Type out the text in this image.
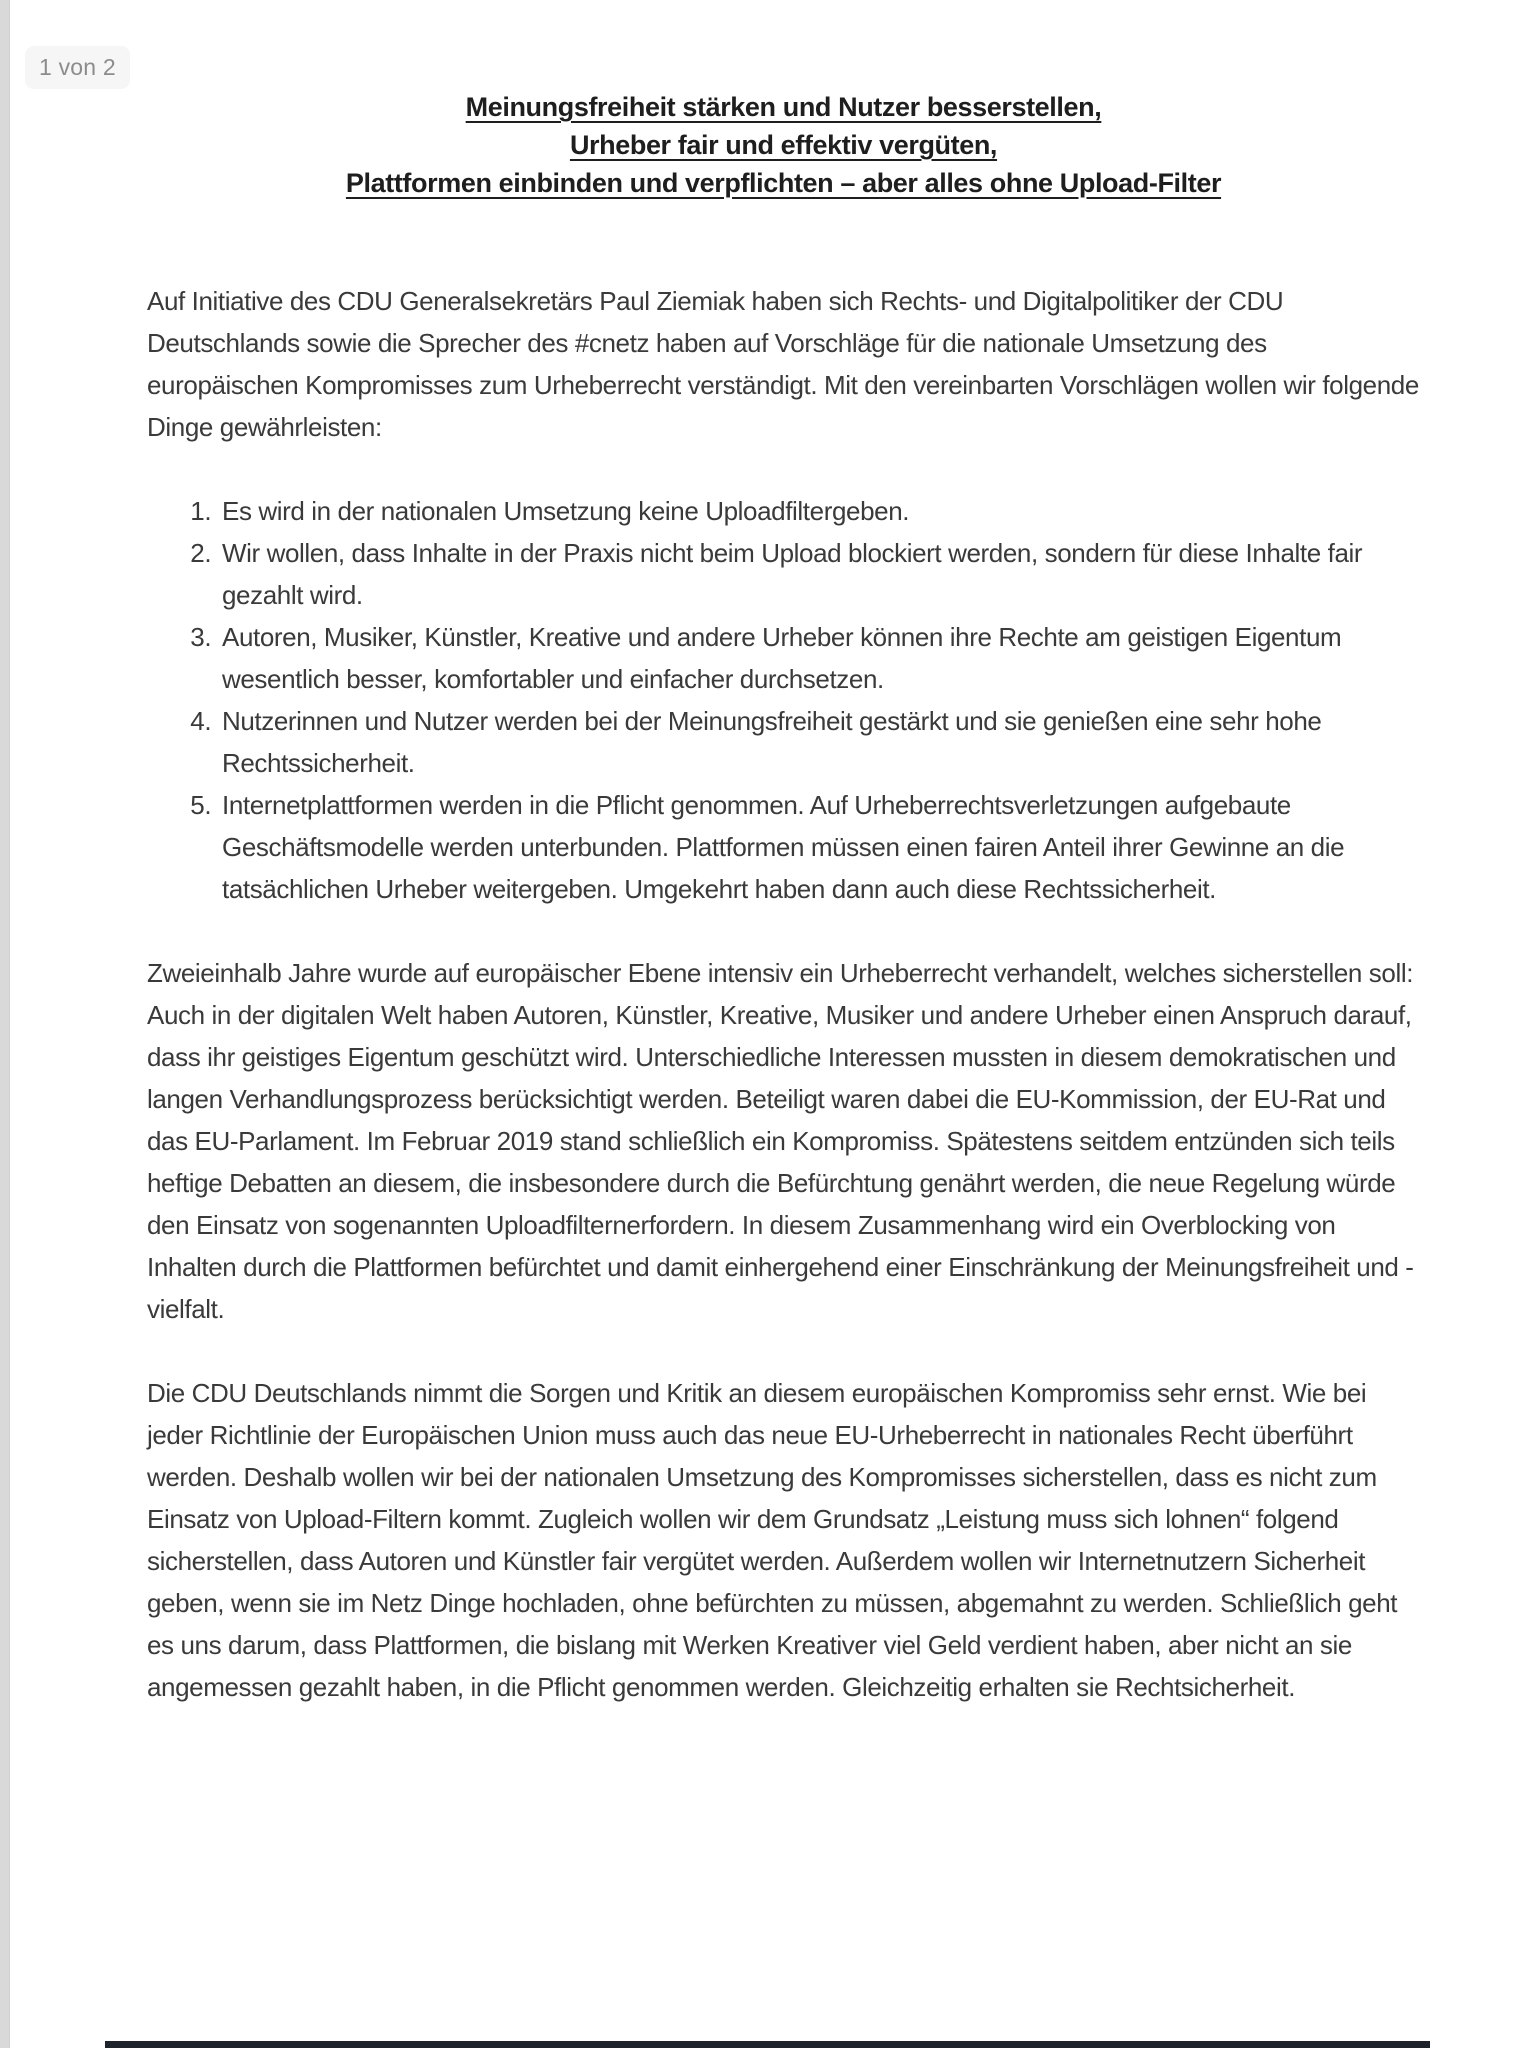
1 von 2
Meinungsfreiheit stärken und Nutzer besserstellen,
Urheber fair und effektiv vergüten,
Plattformen einbinden und verpflichten – aber alles ohne Upload-Filter

Auf Initiative des CDU Generalsekretärs Paul Ziemiak haben sich Rechts- und Digitalpolitiker der CDU Deutschlands sowie die Sprecher des #cnetz haben auf Vorschläge für die nationale Umsetzung des europäischen Kompromisses zum Urheberrecht verständigt. Mit den vereinbarten Vorschlägen wollen wir folgende Dinge gewährleisten:

1. Es wird in der nationalen Umsetzung keine Uploadfiltergeben.
2. Wir wollen, dass Inhalte in der Praxis nicht beim Upload blockiert werden, sondern für diese Inhalte fair gezahlt wird.
3. Autoren, Musiker, Künstler, Kreative und andere Urheber können ihre Rechte am geistigen Eigentum wesentlich besser, komfortabler und einfacher durchsetzen.
4. Nutzerinnen und Nutzer werden bei der Meinungsfreiheit gestärkt und sie genießen eine sehr hohe Rechtssicherheit.
5. Internetplattformen werden in die Pflicht genommen. Auf Urheberrechtsverletzungen aufgebaute Geschäftsmodelle werden unterbunden. Plattformen müssen einen fairen Anteil ihrer Gewinne an die tatsächlichen Urheber weitergeben. Umgekehrt haben dann auch diese Rechtssicherheit.

Zweieinhalb Jahre wurde auf europäischer Ebene intensiv ein Urheberrecht verhandelt, welches sicherstellen soll: Auch in der digitalen Welt haben Autoren, Künstler, Kreative, Musiker und andere Urheber einen Anspruch darauf, dass ihr geistiges Eigentum geschützt wird. Unterschiedliche Interessen mussten in diesem demokratischen und langen Verhandlungsprozess berücksichtigt werden. Beteiligt waren dabei die EU-Kommission, der EU-Rat und das EU-Parlament. Im Februar 2019 stand schließlich ein Kompromiss. Spätestens seitdem entzünden sich teils heftige Debatten an diesem, die insbesondere durch die Befürchtung genährt werden, die neue Regelung würde den Einsatz von sogenannten Uploadfilternerfordern. In diesem Zusammenhang wird ein Overblocking von Inhalten durch die Plattformen befürchtet und damit einhergehend einer Einschränkung der Meinungsfreiheit und -vielfalt.

Die CDU Deutschlands nimmt die Sorgen und Kritik an diesem europäischen Kompromiss sehr ernst. Wie bei jeder Richtlinie der Europäischen Union muss auch das neue EU-Urheberrecht in nationales Recht überführt werden. Deshalb wollen wir bei der nationalen Umsetzung des Kompromisses sicherstellen, dass es nicht zum Einsatz von Upload-Filtern kommt. Zugleich wollen wir dem Grundsatz „Leistung muss sich lohnen“ folgend sicherstellen, dass Autoren und Künstler fair vergütet werden. Außerdem wollen wir Internetnutzern Sicherheit geben, wenn sie im Netz Dinge hochladen, ohne befürchten zu müssen, abgemahnt zu werden. Schließlich geht es uns darum, dass Plattformen, die bislang mit Werken Kreativer viel Geld verdient haben, aber nicht an sie angemessen gezahlt haben, in die Pflicht genommen werden. Gleichzeitig erhalten sie Rechtsicherheit.
